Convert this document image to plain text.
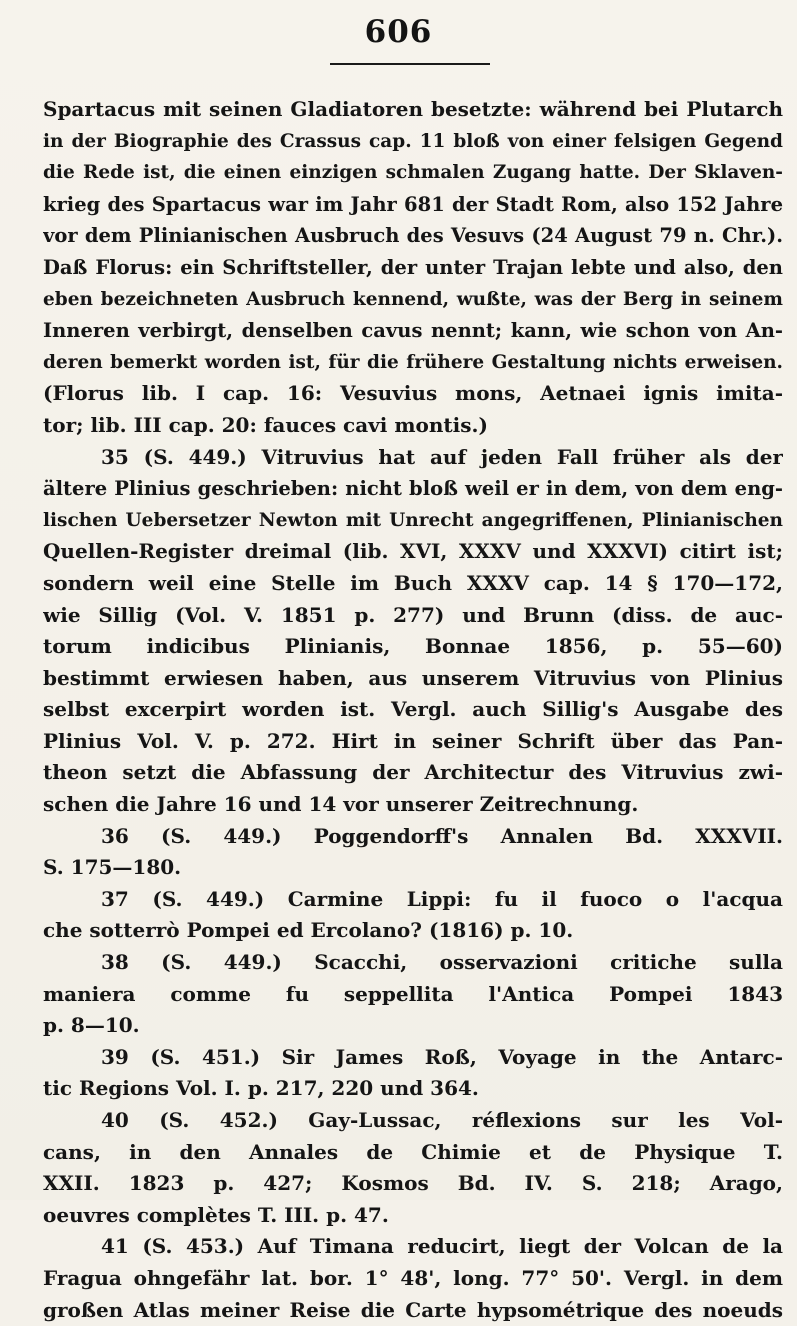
606
Spartacus mit seinen Gladiatoren besetzte: während bei Plutarch
in der Biographie des Crassus cap. 11 bloß von einer felsigen Gegend
die Rede ist, die einen einzigen schmalen Zugang hatte. Der Sklaven-
krieg des Spartacus war im Jahr 681 der Stadt Rom, also 152 Jahre
vor dem Plinianischen Ausbruch des Vesuvs (24 August 79 n. Chr.).
Daß Florus: ein Schriftsteller, der unter Trajan lebte und also, den
eben bezeichneten Ausbruch kennend, wußte, was der Berg in seinem
Inneren verbirgt, denselben cavus nennt; kann, wie schon von An-
deren bemerkt worden ist, für die frühere Gestaltung nichts erweisen.
(Florus lib. I cap. 16: Vesuvius mons, Aetnaei ignis imita-
tor; lib. III cap. 20: fauces cavi montis.)
35 (S. 449.) Vitruvius hat auf jeden Fall früher als der
ältere Plinius geschrieben: nicht bloß weil er in dem, von dem eng-
lischen Uebersetzer Newton mit Unrecht angegriffenen, Plinianischen
Quellen-Register dreimal (lib. XVI, XXXV und XXXVI) citirt ist;
sondern weil eine Stelle im Buch XXXV cap. 14 § 170—172,
wie Sillig (Vol. V. 1851 p. 277) und Brunn (diss. de auc-
torum indicibus Plinianis, Bonnae 1856, p. 55—60)
bestimmt erwiesen haben, aus unserem Vitruvius von Plinius
selbst excerpirt worden ist. Vergl. auch Sillig's Ausgabe des
Plinius Vol. V. p. 272. Hirt in seiner Schrift über das Pan-
theon setzt die Abfassung der Architectur des Vitruvius zwi-
schen die Jahre 16 und 14 vor unserer Zeitrechnung.
36 (S. 449.) Poggendorff's Annalen Bd. XXXVII.
S. 175—180.
37 (S. 449.) Carmine Lippi: fu il fuoco o l'acqua
che sotterrò Pompei ed Ercolano? (1816) p. 10.
38 (S. 449.) Scacchi, osservazioni critiche sulla
maniera comme fu seppellita l'Antica Pompei 1843
p. 8—10.
39 (S. 451.) Sir James Roß, Voyage in the Antarc-
tic Regions Vol. I. p. 217, 220 und 364.
40 (S. 452.) Gay-Lussac, réflexions sur les Vol-
cans, in den Annales de Chimie et de Physique T.
XXII. 1823 p. 427; Kosmos Bd. IV. S. 218; Arago,
oeuvres complètes T. III. p. 47.
41 (S. 453.) Auf Timana reducirt, liegt der Volcan de la
Fragua ohngefähr lat. bor. 1° 48', long. 77° 50'. Vergl. in dem
großen Atlas meiner Reise die Carte hypsométrique des noeuds
